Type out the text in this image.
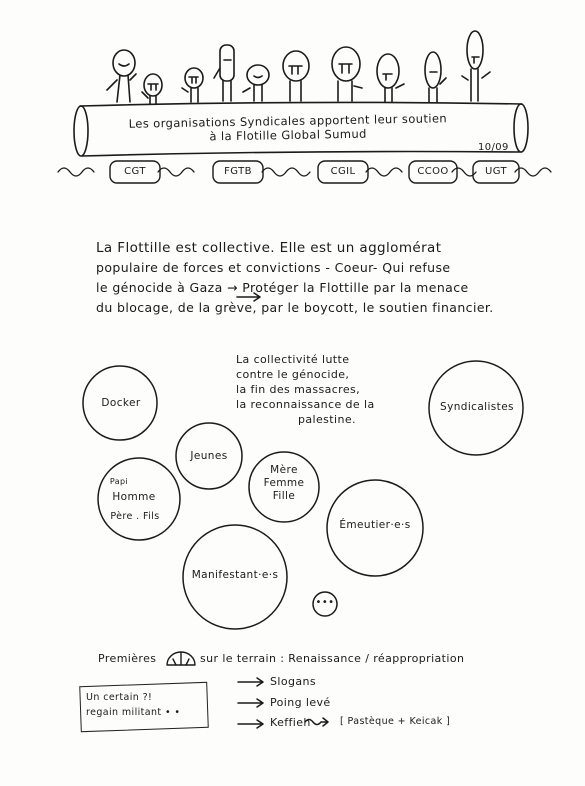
Les organisations Syndicales apportent leur soutien
à la Flotille Global Sumud
10/09
CGT	FGTB	CGIL	CCOO	UGT
La Flottille est collective. Elle est un agglomérat
populaire de forces et convictions - Coeur- Qui refuse
le génocide à Gaza → Protéger la Flottille par la menace
du blocage, de la grève, par le boycott, le soutien financier.
La collectivité lutte
contre le génocide,
la fin des massacres,
la reconnaissance de la
palestine.
Docker	Syndicalistes
Jeunes
Mère
Femme
Fille
Papi
Homme
Père . Fils
Émeutier·e·s
Manifestant·e·s
•••
Premières	sur le terrain : Renaissance / réappropriation
Un certain ?!
regain militant • •
Slogans
Poing levé
Keffieh	[ Pastèque + Keicak ]
